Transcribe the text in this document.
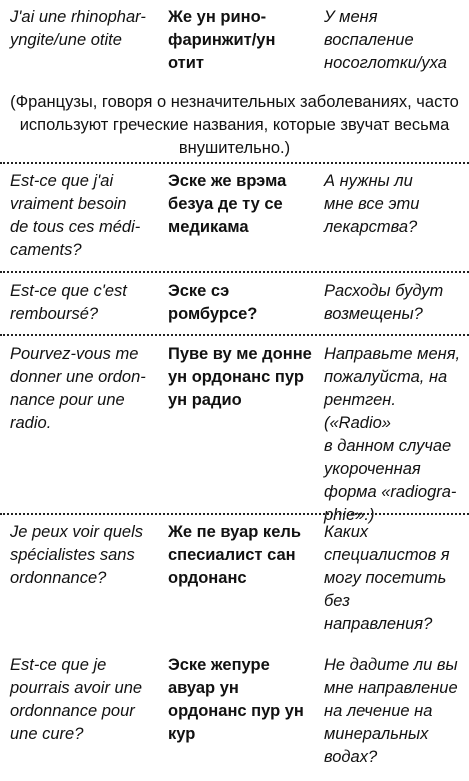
J'ai une rhinophar-
yngite/une otite
Же ун рино-
фаринжит/ун
отит
У меня
воспаление
носоглотки/уха
(Французы, говоря о незначительных заболеваниях, часто
используют греческие названия, которые звучат весьма
внушительно.)
Est-ce que j'ai
vraiment besoin
de tous ces médi-
caments?
Эске же врэма
безуа де ту се
медикама
А нужны ли
мне все эти
лекарства?
Est-ce que c'est
remboursé?
Эске сэ
ромбурсе?
Расходы будут
возмещены?
Pourvez-vous me
donner une ordon-
nance pour une
radio.
Пуве ву ме донне
ун ордонанс пур
ун радио
Направьте меня,
пожалуйста, на
рентген. («Radio»
в данном случае
укороченная
форма «radiogra-
phie».)
Je peux voir quels
spécialistes sans
ordonnance?
Же пе вуар кель
спесиалист сан
ордонанс
Каких
специалистов я
могу посетить без
направления?
Est-ce que je
pourrais avoir une
ordonnance pour
une cure?
Эске жепуре
авуар ун
ордонанс пур ун
кур
Не дадите ли вы
мне направление
на лечение на
минеральных
водах?
